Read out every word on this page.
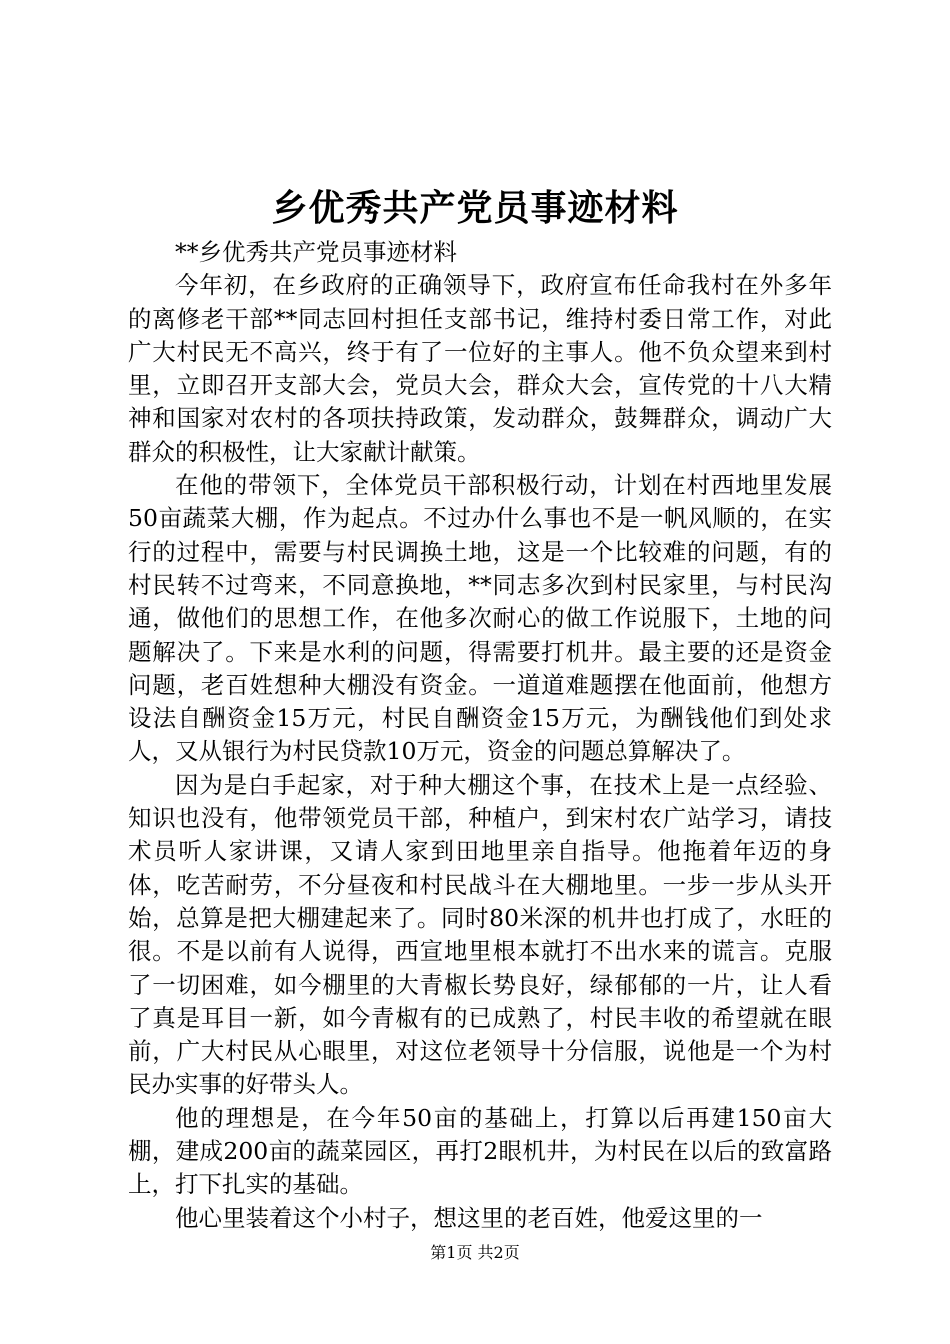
乡优秀共产党员事迹材料

**乡优秀共产党员事迹材料

今年初，在乡政府的正确领导下，政府宣布任命我村在外多年的离修老干部**同志回村担任支部书记，维持村委日常工作，对此广大村民无不高兴，终于有了一位好的主事人。他不负众望来到村里，立即召开支部大会，党员大会，群众大会，宣传党的十八大精神和国家对农村的各项扶持政策，发动群众，鼓舞群众，调动广大群众的积极性，让大家献计献策。

在他的带领下，全体党员干部积极行动，计划在村西地里发展50亩蔬菜大棚，作为起点。不过办什么事也不是一帆风顺的，在实行的过程中，需要与村民调换土地，这是一个比较难的问题，有的村民转不过弯来，不同意换地，**同志多次到村民家里，与村民沟通，做他们的思想工作，在他多次耐心的做工作说服下，土地的问题解决了。下来是水利的问题，得需要打机井。最主要的还是资金问题，老百姓想种大棚没有资金。一道道难题摆在他面前，他想方设法自酬资金15万元，村民自酬资金15万元，为酬钱他们到处求人，又从银行为村民贷款10万元，资金的问题总算解决了。

因为是白手起家，对于种大棚这个事，在技术上是一点经验、知识也没有，他带领党员干部，种植户，到宋村农广站学习，请技术员听人家讲课，又请人家到田地里亲自指导。他拖着年迈的身体，吃苦耐劳，不分昼夜和村民战斗在大棚地里。一步一步从头开始，总算是把大棚建起来了。同时80米深的机井也打成了，水旺的很。不是以前有人说得，西宣地里根本就打不出水来的谎言。克服了一切困难，如今棚里的大青椒长势良好，绿郁郁的一片，让人看了真是耳目一新，如今青椒有的已成熟了，村民丰收的希望就在眼前，广大村民从心眼里，对这位老领导十分信服，说他是一个为村民办实事的好带头人。

他的理想是，在今年50亩的基础上，打算以后再建150亩大棚，建成200亩的蔬菜园区，再打2眼机井，为村民在以后的致富路上，打下扎实的基础。

他心里装着这个小村子，想这里的老百姓，他爱这里的一

第1页 共2页
